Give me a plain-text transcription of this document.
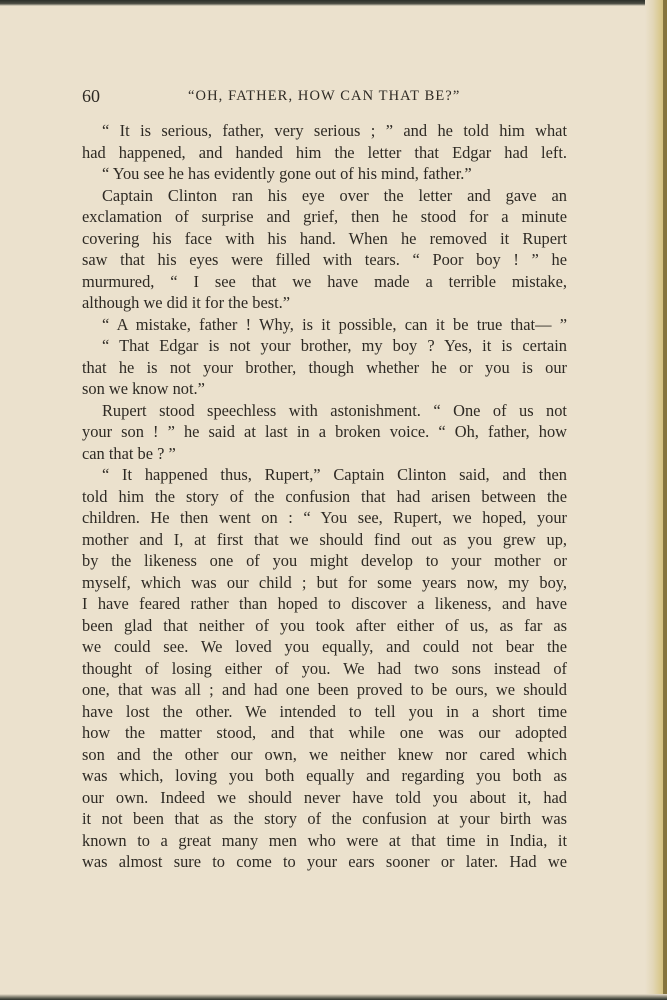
60	“OH, FATHER, HOW CAN THAT BE?”
“ It is serious, father, very serious ; ” and he told him what
had happened, and handed him the letter that Edgar had left.
“ You see he has evidently gone out of his mind, father.”
Captain Clinton ran his eye over the letter and gave an
exclamation of surprise and grief, then he stood for a minute
covering his face with his hand. When he removed it Rupert
saw that his eyes were filled with tears. “ Poor boy ! ” he
murmured, “ I see that we have made a terrible mistake,
although we did it for the best.”
“ A mistake, father ! Why, is it possible, can it be true that— ”
“ That Edgar is not your brother, my boy ? Yes, it is certain
that he is not your brother, though whether he or you is our
son we know not.”
Rupert stood speechless with astonishment. “ One of us not
your son ! ” he said at last in a broken voice. “ Oh, father, how
can that be ? ”
“ It happened thus, Rupert,” Captain Clinton said, and then
told him the story of the confusion that had arisen between the
children. He then went on : “ You see, Rupert, we hoped, your
mother and I, at first that we should find out as you grew up,
by the likeness one of you might develop to your mother or
myself, which was our child ; but for some years now, my boy,
I have feared rather than hoped to discover a likeness, and have
been glad that neither of you took after either of us, as far as
we could see. We loved you equally, and could not bear the
thought of losing either of you. We had two sons instead of
one, that was all ; and had one been proved to be ours, we should
have lost the other. We intended to tell you in a short time
how the matter stood, and that while one was our adopted
son and the other our own, we neither knew nor cared which
was which, loving you both equally and regarding you both as
our own. Indeed we should never have told you about it, had
it not been that as the story of the confusion at your birth was
known to a great many men who were at that time in India, it
was almost sure to come to your ears sooner or later. Had we
